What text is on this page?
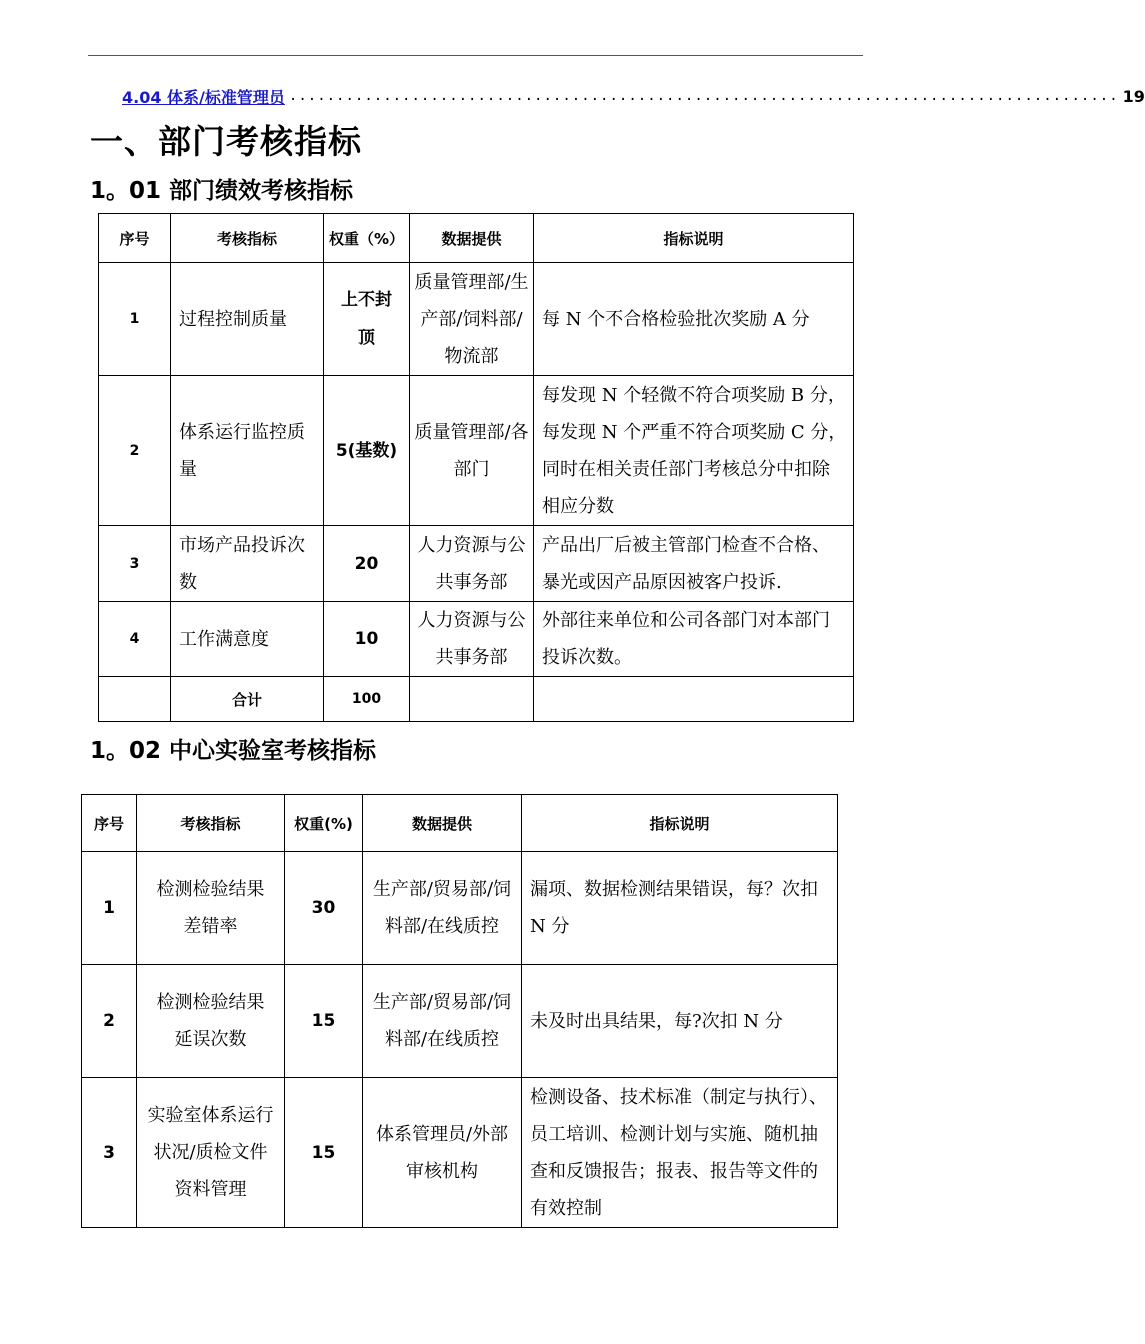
4.04 体系/标准管理员 ........................................................................................ 19
一、部门考核指标
1。01 部门绩效考核指标
序号	考核指标	权重（%）	数据提供	指标说明
1	过程控制质量	上不封顶	质量管理部/生产部/饲料部/物流部	每 N 个不合格检验批次奖励 A 分
2	体系运行监控质量	5(基数)	质量管理部/各部门	每发现 N 个轻微不符合项奖励 B 分，每发现 N 个严重不符合项奖励 C 分，同时在相关责任部门考核总分中扣除相应分数
3	市场产品投诉次数	20	人力资源与公共事务部	产品出厂后被主管部门检查不合格、暴光或因产品原因被客户投诉.
4	工作满意度	10	人力资源与公共事务部	外部往来单位和公司各部门对本部门投诉次数。
	合计	100		
1。02 中心实验室考核指标
序号	考核指标	权重(%)	数据提供	指标说明
1	检测检验结果差错率	30	生产部/贸易部/饲料部/在线质控	漏项、数据检测结果错误，每？次扣 N 分
2	检测检验结果延误次数	15	生产部/贸易部/饲料部/在线质控	未及时出具结果，每?次扣 N 分
3	实验室体系运行状况/质检文件资料管理	15	体系管理员/外部审核机构	检测设备、技术标准（制定与执行）、员工培训、检测计划与实施、随机抽查和反馈报告；报表、报告等文件的有效控制
